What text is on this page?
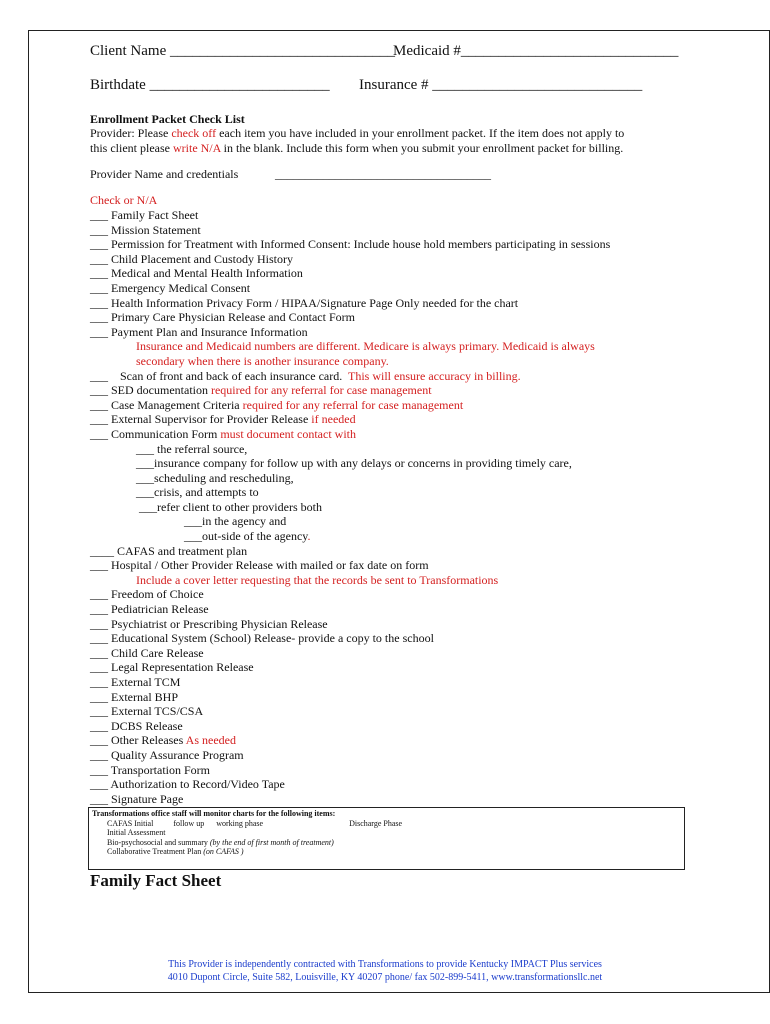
Client Name ______________________________
Medicaid #_____________________________
Birthdate ________________________ Insurance # ____________________________
Enrollment Packet Check List
Provider: Please check off each item you have included in your enrollment packet. If the item does not apply to
this client please write N/A in the blank. Include this form when you submit your enrollment packet for billing.
Provider Name and credentials	____________________________________
Check or N/A
___ Family Fact Sheet
___ Mission Statement
___ Permission for Treatment with Informed Consent: Include house hold members participating in sessions
___ Child Placement and Custody History
___ Medical and Mental Health Information
___ Emergency Medical Consent
___ Health Information Privacy Form / HIPAA/Signature Page Only needed for the chart
___ Primary Care Physician Release and Contact Form
___ Payment Plan and Insurance Information
Insurance and Medicaid numbers are different. Medicare is always primary. Medicaid is always
secondary when there is another insurance company.
___    Scan of front and back of each insurance card.  This will ensure accuracy in billing.
___ SED documentation required for any referral for case management
___ Case Management Criteria required for any referral for case management
___ External Supervisor for Provider Release if needed
___ Communication Form must document contact with
___ the referral source,
___insurance company for follow up with any delays or concerns in providing timely care,
___scheduling and rescheduling,
___crisis, and attempts to
___refer client to other providers both
___in the agency and
___out-side of the agency.
____ CAFAS and treatment plan
___ Hospital / Other Provider Release with mailed or fax date on form
Include a cover letter requesting that the records be sent to Transformations
___ Freedom of Choice
___ Pediatrician Release
___ Psychiatrist or Prescribing Physician Release
___ Educational System (School) Release- provide a copy to the school
___ Child Care Release
___ Legal Representation Release
___ External TCM
___ External BHP
___ External TCS/CSA
___ DCBS Release
___ Other Releases As needed
___ Quality Assurance Program
___ Transportation Form
___ Authorization to Record/Video Tape
___ Signature Page
Transformations office staff will monitor charts for the following items:
CAFAS Initial	follow up working phase	Discharge Phase
Initial Assessment
Bio-psychosocial and summary (by the end of first month of treatment)
Collaborative Treatment Plan (on CAFAS )
Family Fact Sheet
This Provider is independently contracted with Transformations to provide Kentucky IMPACT Plus services
4010 Dupont Circle, Suite 582, Louisville, KY 40207 phone/ fax 502-899-5411, www.transformationsllc.net
